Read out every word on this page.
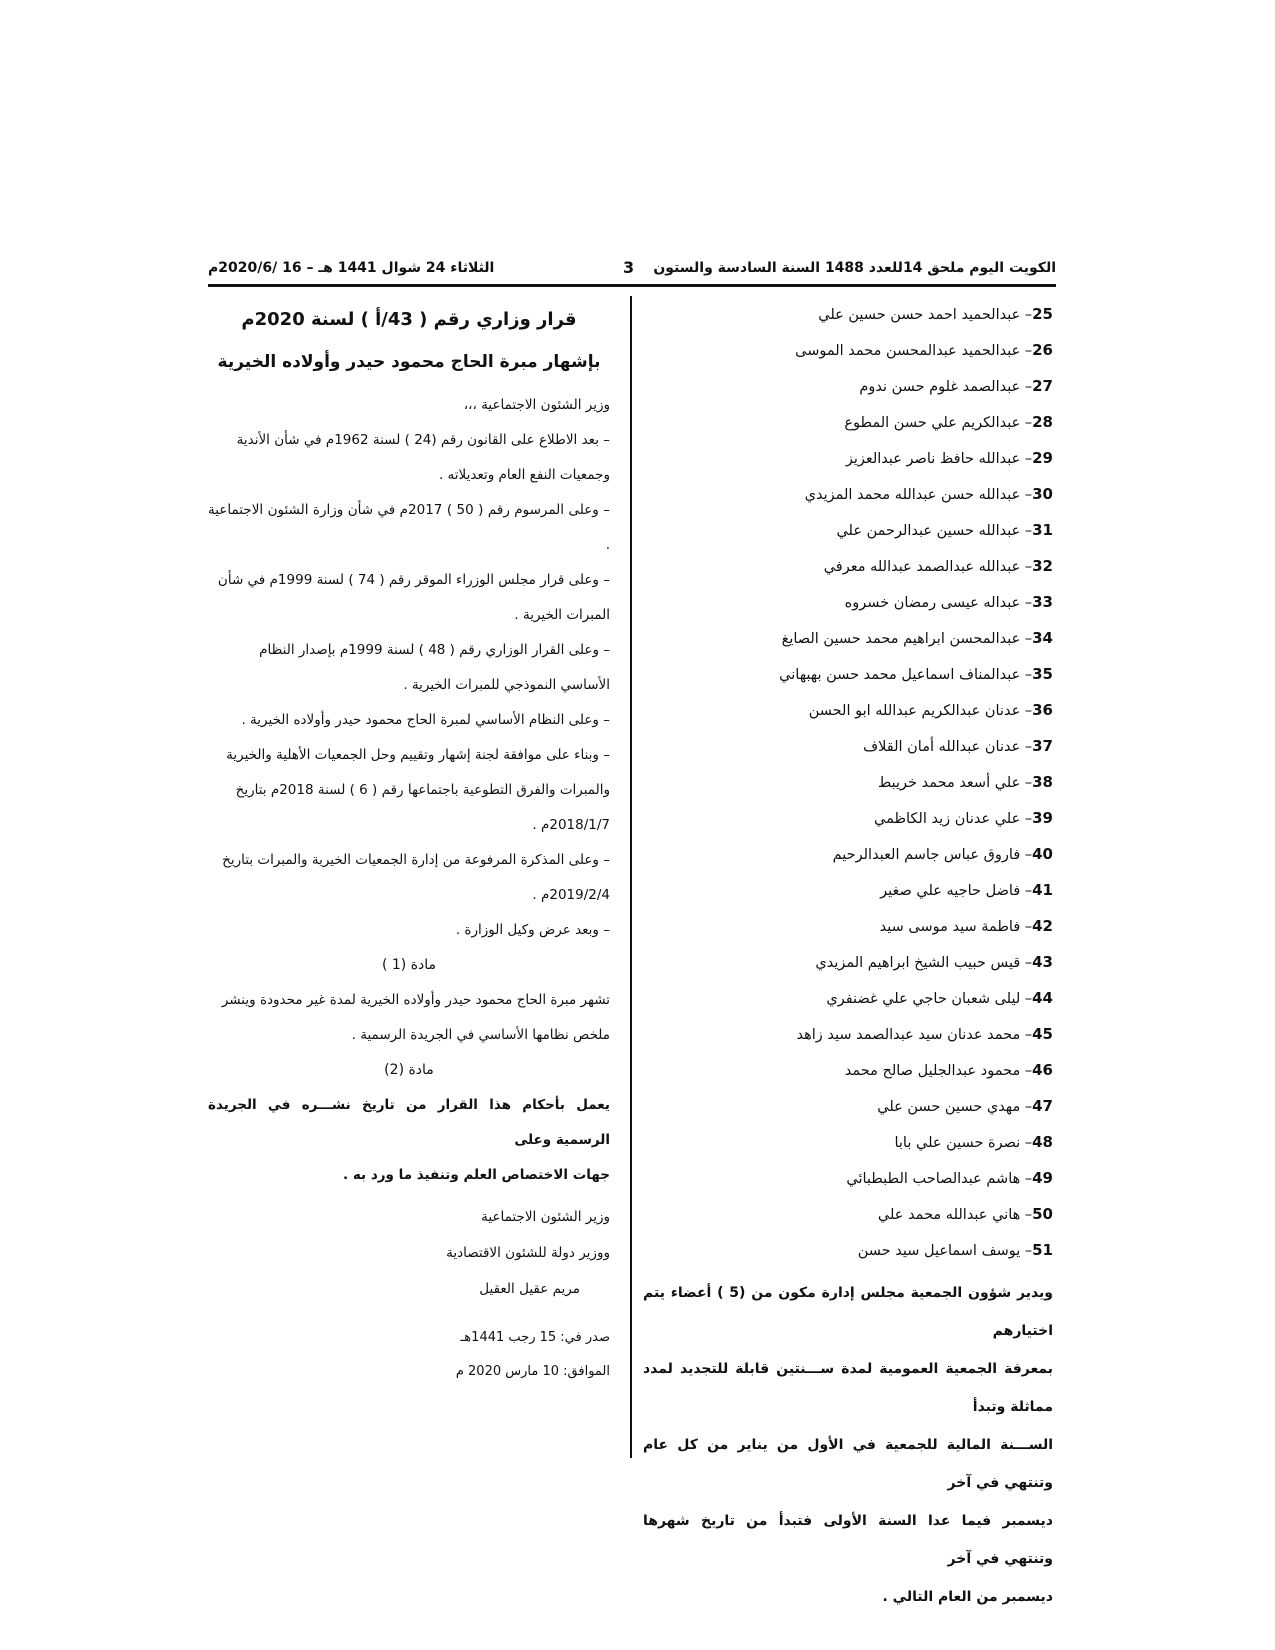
الكويت اليوم ملحق 14للعدد 1488 السنة السادسة والستون
3
الثلاثاء 24 شوال 1441 هـ – 16 /2020/6م
25– عبدالحميد احمد حسن حسين علي
26– عبدالحميد عبدالمحسن محمد الموسى
27– عبدالصمد غلوم حسن ندوم
28– عبدالكريم علي حسن المطوع
29– عبدالله حافظ ناصر عبدالعزيز
30– عبدالله حسن عبدالله محمد المزيدي
31– عبدالله حسين عبدالرحمن علي
32– عبدالله عبدالصمد عبدالله معرفي
33– عبداله عيسى رمضان خسروه
34– عبدالمحسن ابراهيم محمد حسين الصايغ
35– عبدالمناف اسماعيل محمد حسن بهبهاني
36– عدنان عبدالكريم عبدالله ابو الحسن
37– عدنان عبدالله أمان القلاف
38– علي أسعد محمد خريبط
39– علي عدنان زيد الكاظمي
40– فاروق عباس جاسم العبدالرحيم
41– فاضل حاجيه علي صغير
42– فاطمة سيد موسى سيد
43– قيس حبيب الشيخ ابراهيم المزيدي
44– ليلى شعبان حاجي علي غضنفري
45– محمد عدنان سيد عبدالصمد سيد زاهد
46– محمود عبدالجليل صالح محمد
47– مهدي حسين حسن علي
48– نصرة حسين علي بابا
49– هاشم عبدالصاحب الطبطبائي
50– هاني عبدالله محمد علي
51– يوسف اسماعيل سيد حسن

ويدير شؤون الجمعية مجلس إدارة مكون من (5 ) أعضاء يتم اختيارهم

بمعرفة الجمعية العمومية لمدة ســـنتين قابلة للتجديد لمدد مماثلة وتبدأ

الســـنة المالية للجمعية في الأول من يناير من كل عام وتنتهي في آخر

ديسمبر فيما عدا السنة الأولى فتبدأ من تاريخ شهرها وتنتهي في آخر

ديسمبر من العام التالي .

قرار وزاري رقم ( 43/أ ) لسنة 2020م

بإشهار مبرة الحاج محمود حيدر وأولاده الخيرية

وزير الشئون الاجتماعية ،،،

– بعد الاطلاع على القانون رقم (24 ) لسنة 1962م في شأن الأندية

وجمعيات النفع العام وتعديلاته .

– وعلى المرسوم رقم ( 50 ) 2017م في شأن وزارة الشئون الاجتماعية .

– وعلى قرار مجلس الوزراء الموقر رقم ( 74 ) لسنة 1999م في شأن

المبرات الخيرية .

– وعلى القرار الوزاري رقم ( 48 ) لسنة 1999م بإصدار النظام

الأساسي النموذجي للمبرات الخيرية .

– وعلى النظام الأساسي لمبرة الحاج محمود حيدر وأولاده الخيرية .

– وبناء على موافقة لجنة إشهار وتقييم وحل الجمعيات الأهلية والخيرية

والمبرات والفرق التطوعية باجتماعها رقم ( 6 ) لسنة 2018م بتاريخ

2018/1/7م .

– وعلى المذكرة المرفوعة من إدارة الجمعيات الخيرية والمبرات بتاريخ

2019/2/4م .

– وبعد عرض وكيل الوزارة .

مادة (1 )

تشهر مبرة الحاج محمود حيدر وأولاده الخيرية لمدة غير محدودة وينشر

ملخص نظامها الأساسي في الجريدة الرسمية .

مادة (2)

يعمل بأحكام هذا القرار من تاريخ نشـــره في الجريدة الرسمية وعلى

جهات الاختصاص العلم وتنفيذ ما ورد به .

وزير الشئون الاجتماعية

ووزير دولة للشئون الاقتصادية

مريم عقيل العقيل

صدر في: 15 رجب 1441هـ

الموافق: 10 مارس 2020 م
